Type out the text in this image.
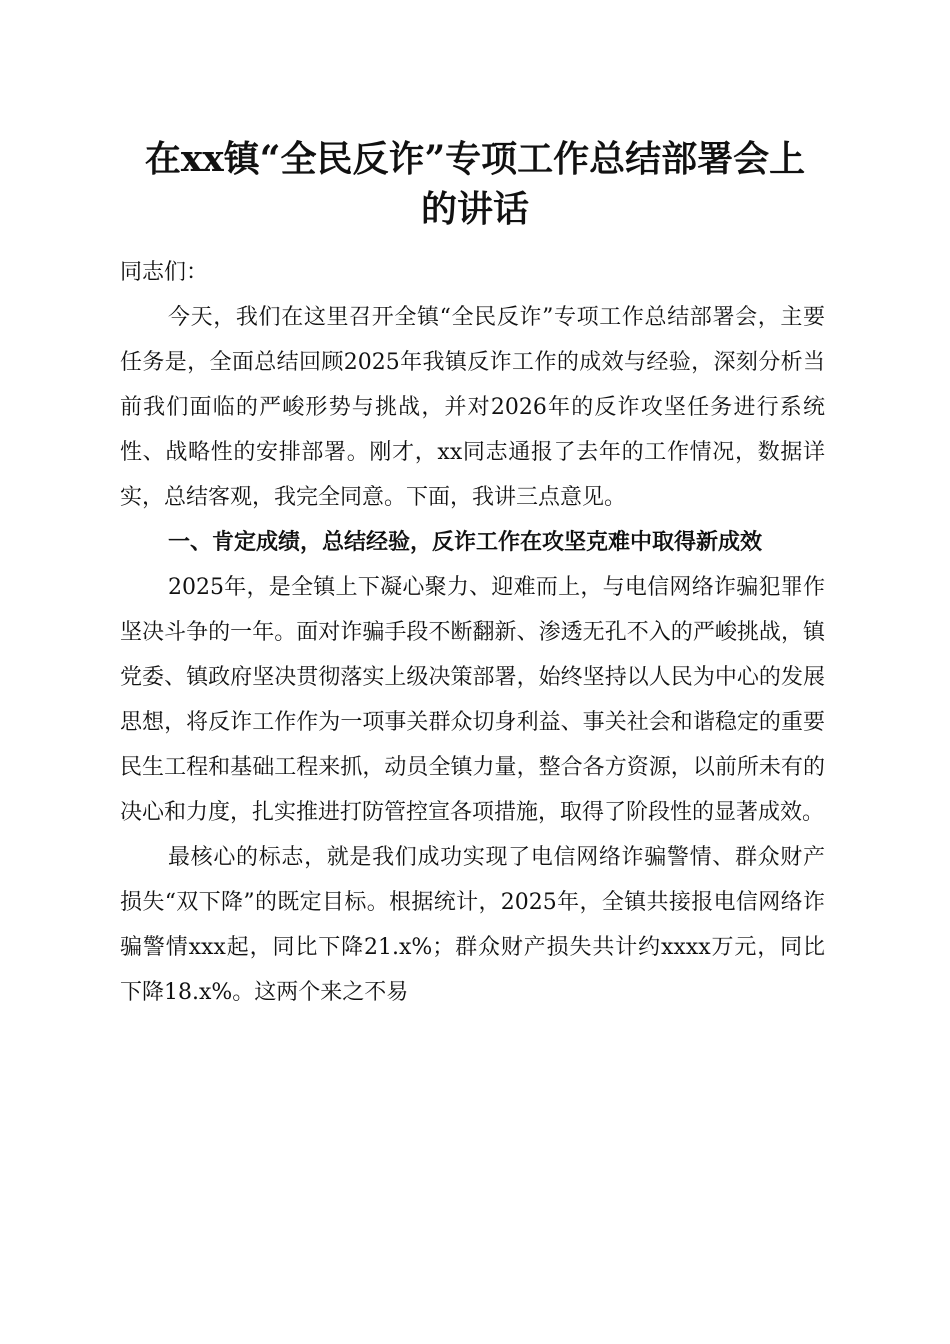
在xx镇“全民反诈”专项工作总结部署会上
的讲话

同志们：

今天，我们在这里召开全镇“全民反诈”专项工作总结部署会，主要任务是，全面总结回顾2025年我镇反诈工作的成效与经验，深刻分析当前我们面临的严峻形势与挑战，并对2026年的反诈攻坚任务进行系统性、战略性的安排部署。刚才，xx同志通报了去年的工作情况，数据详实，总结客观，我完全同意。下面，我讲三点意见。

一、肯定成绩，总结经验，反诈工作在攻坚克难中取得新成效

2025年，是全镇上下凝心聚力、迎难而上，与电信网络诈骗犯罪作坚决斗争的一年。面对诈骗手段不断翻新、渗透无孔不入的严峻挑战，镇党委、镇政府坚决贯彻落实上级决策部署，始终坚持以人民为中心的发展思想，将反诈工作作为一项事关群众切身利益、事关社会和谐稳定的重要民生工程和基础工程来抓，动员全镇力量，整合各方资源，以前所未有的决心和力度，扎实推进打防管控宣各项措施，取得了阶段性的显著成效。

最核心的标志，就是我们成功实现了电信网络诈骗警情、群众财产损失“双下降”的既定目标。根据统计，2025年，全镇共接报电信网络诈骗警情xxx起，同比下降21.x%；群众财产损失共计约xxxx万元，同比下降18.x%。这两个来之不易
